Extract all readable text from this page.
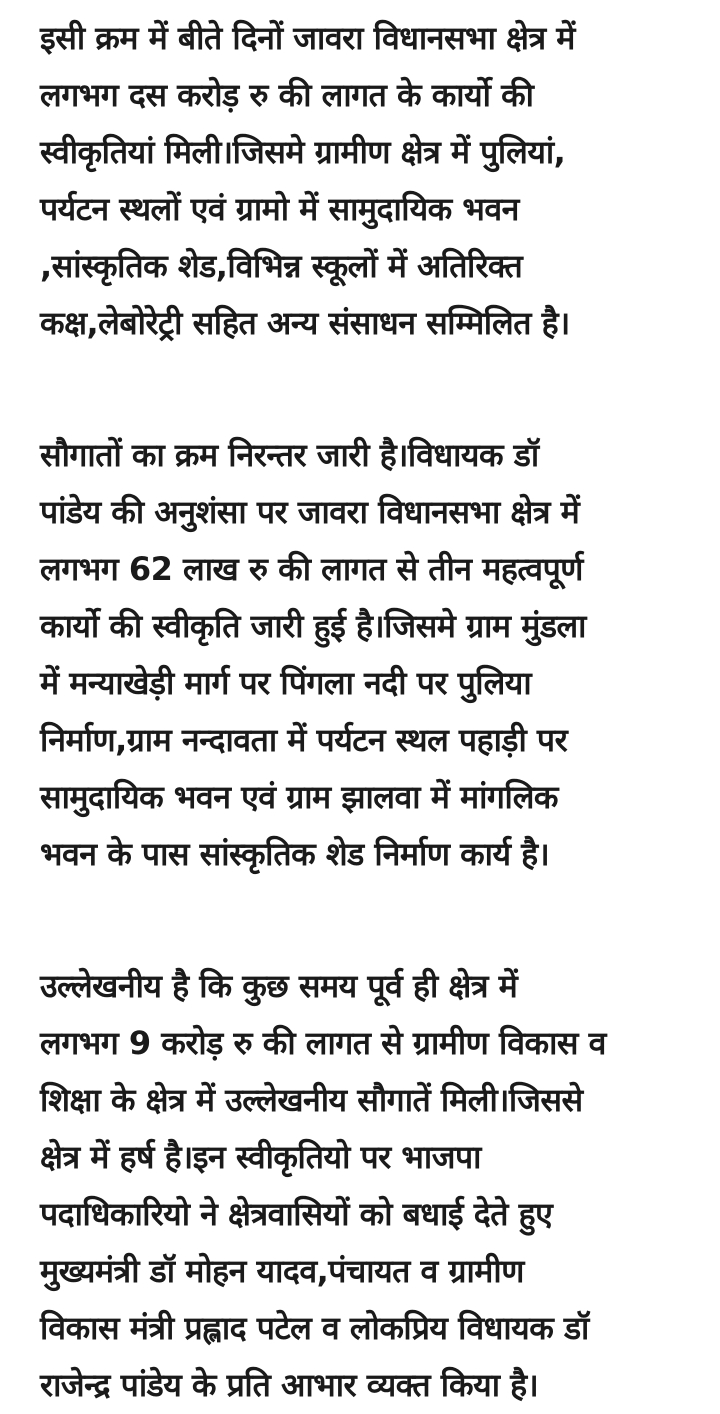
इसी क्रम में बीते दिनों जावरा विधानसभा क्षेत्र में
लगभग दस करोड़ रु की लागत के कार्यो की
स्वीकृतियां मिली।जिसमे ग्रामीण क्षेत्र में पुलियां,
पर्यटन स्थलों एवं ग्रामो में सामुदायिक भवन
,सांस्कृतिक शेड,विभिन्न स्कूलों में अतिरिक्त
कक्ष,लेबोरेट्री सहित अन्य संसाधन सम्मिलित है।
सौगातों का क्रम निरन्तर जारी है।विधायक डॉ
पांडेय की अनुशंसा पर जावरा विधानसभा क्षेत्र में
लगभग 62 लाख रु की लागत से तीन महत्वपूर्ण
कार्यो की स्वीकृति जारी हुई है।जिसमे ग्राम मुंडला
में मन्याखेड़ी मार्ग पर पिंगला नदी पर पुलिया
निर्माण,ग्राम नन्दावता में पर्यटन स्थल पहाड़ी पर
सामुदायिक भवन एवं ग्राम झालवा में मांगलिक
भवन के पास सांस्कृतिक शेड निर्माण कार्य है।
उल्लेखनीय है कि कुछ समय पूर्व ही क्षेत्र में
लगभग 9 करोड़ रु की लागत से ग्रामीण विकास व
शिक्षा के क्षेत्र में उल्लेखनीय सौगातें मिली।जिससे
क्षेत्र में हर्ष है।इन स्वीकृतियो पर भाजपा
पदाधिकारियो ने क्षेत्रवासियों को बधाई देते हुए
मुख्यमंत्री डॉ मोहन यादव,पंचायत व ग्रामीण
विकास मंत्री प्रह्लाद पटेल व लोकप्रिय विधायक डॉ
राजेन्द्र पांडेय के प्रति आभार व्यक्त किया है।
